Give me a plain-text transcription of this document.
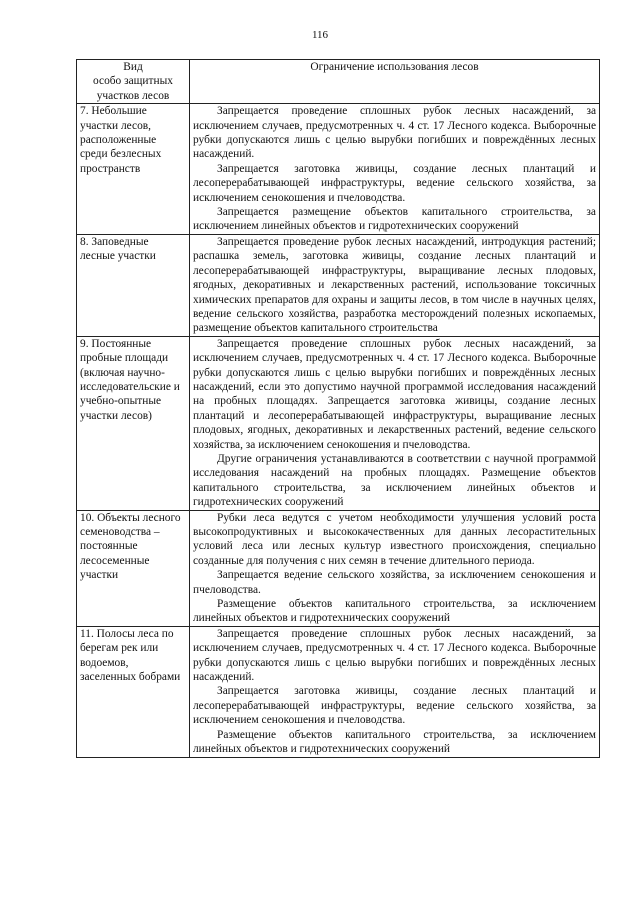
116
Вид
особо защитных
участков лесов	Ограничение использования лесов
7. Небольшие участки лесов, расположенные среди безлесных пространств	Запрещается проведение сплошных рубок лесных насаждений, за исключением случаев, предусмотренных ч. 4 ст. 17 Лесного кодекса. Выборочные рубки допускаются лишь с целью вырубки погибших и повреждённых лесных насаждений.

Запрещается заготовка живицы, создание лесных плантаций и лесоперерабатывающей инфраструктуры, ведение сельского хозяйства, за исключением сенокошения и пчеловодства.

Запрещается размещение объектов капитального строительства, за исключением линейных объектов и гидротехнических сооружений

8. Заповедные лесные участки	Запрещается проведение рубок лесных насаждений, интродукция растений; распашка земель, заготовка живицы, создание лесных плантаций и лесоперерабатывающей инфраструктуры, выращивание лесных плодовых, ягодных, декоративных и лекарственных растений, использование токсичных химических препаратов для охраны и защиты лесов, в том числе в научных целях, ведение сельского хозяйства, разработка месторождений полезных ископаемых, размещение объектов капитального строительства

9. Постоянные пробные площади (включая научно-исследовательские и учебно-опытные участки лесов)	Запрещается проведение сплошных рубок лесных насаждений, за исключением случаев, предусмотренных ч. 4 ст. 17 Лесного кодекса. Выборочные рубки допускаются лишь с целью вырубки погибших и повреждённых лесных насаждений, если это допустимо научной программой исследования насаждений на пробных площадях. Запрещается заготовка живицы, создание лесных плантаций и лесоперерабатывающей инфраструктуры, выращивание лесных плодовых, ягодных, декоративных и лекарственных растений, ведение сельского хозяйства, за исключением сенокошения и пчеловодства.

Другие ограничения устанавливаются в соответствии с научной программой исследования насаждений на пробных площадях. Размещение объектов капитального строительства, за исключением линейных объектов и гидротехнических сооружений

10. Объекты лесного семеноводства – постоянные лесосеменные участки	Рубки леса ведутся с учетом необходимости улучшения условий роста высокопродуктивных и высококачественных для данных лесорастительных условий леса или лесных культур известного происхождения, специально созданные для получения с них семян в течение длительного периода.

Запрещается ведение сельского хозяйства, за исключением сенокошения и пчеловодства.

Размещение объектов капитального строительства, за исключением линейных объектов и гидротехнических сооружений

11. Полосы леса по берегам рек или водоемов, заселенных бобрами	Запрещается проведение сплошных рубок лесных насаждений, за исключением случаев, предусмотренных ч. 4 ст. 17 Лесного кодекса. Выборочные рубки допускаются лишь с целью вырубки погибших и повреждённых лесных насаждений.

Запрещается заготовка живицы, создание лесных плантаций и лесоперерабатывающей инфраструктуры, ведение сельского хозяйства, за исключением сенокошения и пчеловодства.

Размещение объектов капитального строительства, за исключением линейных объектов и гидротехнических сооружений
